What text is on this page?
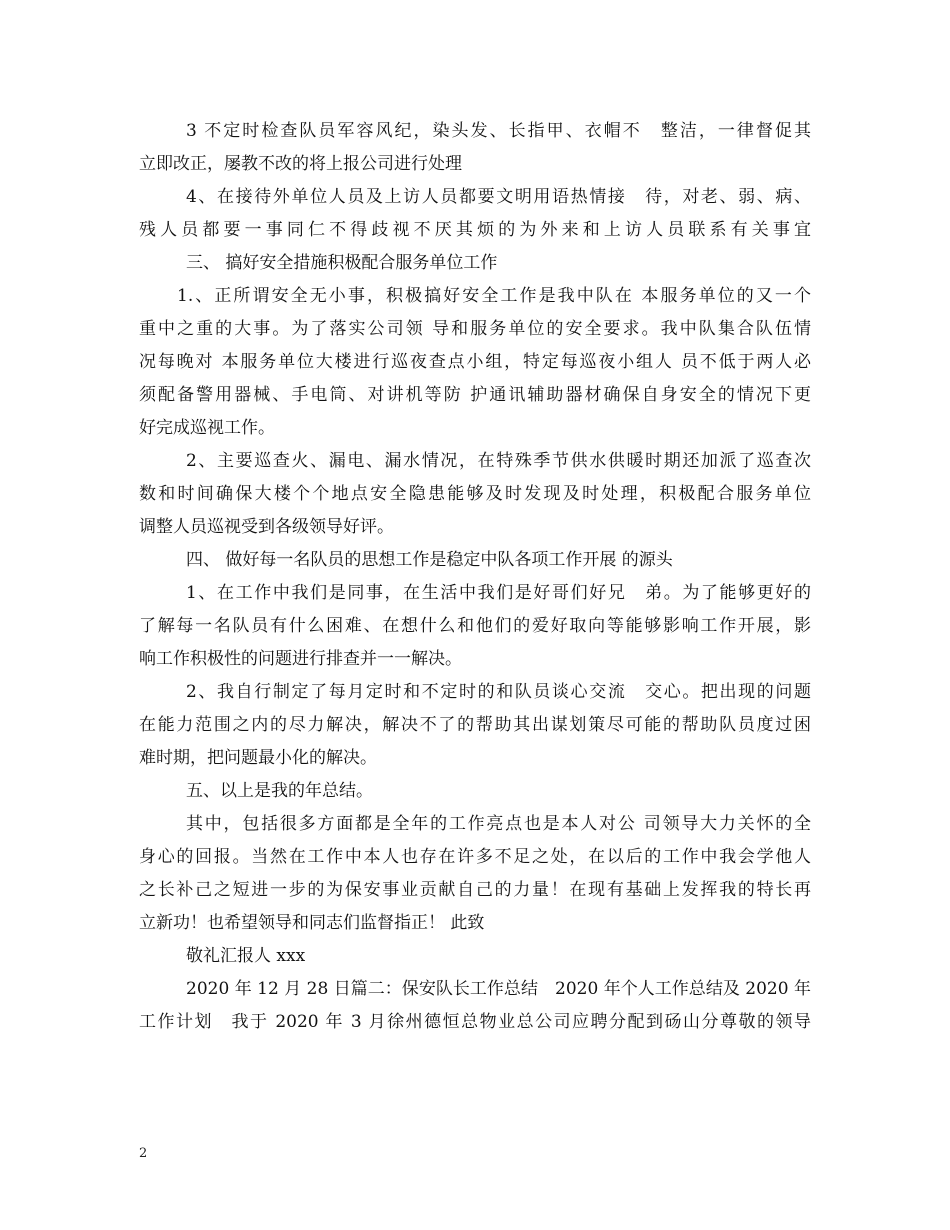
3 不定时检查队员军容风纪，染头发、长指甲、衣帽不　整洁，一律督促其
立即改正，屡教不改的将上报公司进行处理
4、在接待外单位人员及上访人员都要文明用语热情接　待，对老、弱、病、
残人员都要一事同仁不得歧视不厌其烦的为外来和上访人员联系有关事宜
三、 搞好安全措施积极配合服务单位工作
1.、正所谓安全无小事，积极搞好安全工作是我中队在 本服务单位的又一个
重中之重的大事。为了落实公司领 导和服务单位的安全要求。我中队集合队伍情
况每晚对 本服务单位大楼进行巡夜查点小组，特定每巡夜小组人 员不低于两人必
须配备警用器械、手电筒、对讲机等防 护通讯辅助器材确保自身安全的情况下更
好完成巡视工作。
2、主要巡查火、漏电、漏水情况，在特殊季节供水供暖时期还加派了巡查次
数和时间确保大楼个个地点安全隐患能够及时发现及时处理，积极配合服务单位
调整人员巡视受到各级领导好评。
四、 做好每一名队员的思想工作是稳定中队各项工作开展 的源头
1、在工作中我们是同事，在生活中我们是好哥们好兄　弟。为了能够更好的
了解每一名队员有什么困难、在想什么和他们的爱好取向等能够影响工作开展，影
响工作积极性的问题进行排查并一一解决。
2、我自行制定了每月定时和不定时的和队员谈心交流　交心。把出现的问题
在能力范围之内的尽力解决，解决不了的帮助其出谋划策尽可能的帮助队员度过困
难时期，把问题最小化的解决。
五、以上是我的年总结。
其中，包括很多方面都是全年的工作亮点也是本人对公 司领导大力关怀的全
身心的回报。当然在工作中本人也存在许多不足之处，在以后的工作中我会学他人
之长补己之短进一步的为保安事业贡献自己的力量！在现有基础上发挥我的特长再
立新功！也希望领导和同志们监督指正！ 此致
敬礼汇报人 xxx
2020 年 12 月 28 日篇二：保安队长工作总结　2020 年个人工作总结及 2020 年
工作计划　我于 2020 年 3 月徐州德恒总物业总公司应聘分配到砀山分尊敬的领导
2
